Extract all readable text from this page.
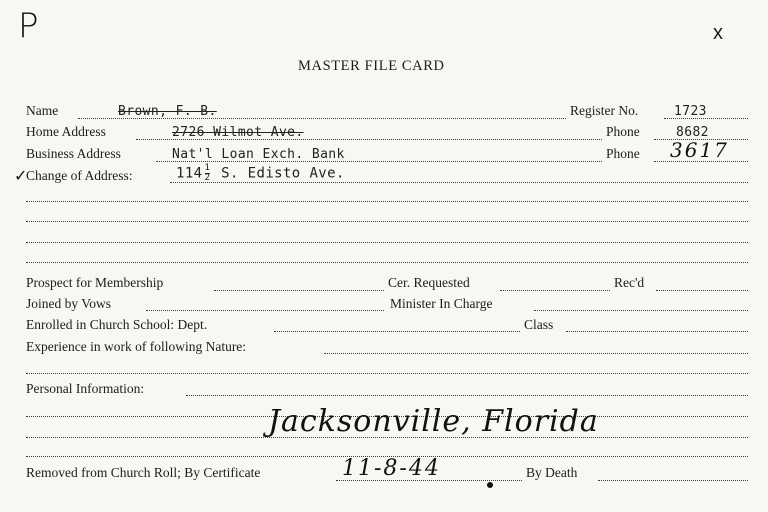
P	x
MASTER FILE CARD
Name	Brown, F. B.	Register No.	1723
Home Address	2726 Wilmot Ave.	Phone	8682
Business Address	Nat'l Loan Exch. Bank	Phone 3617
✓
Change of Address:	$114 \frac{1}{2} S$. Edisto Ave.
Prospect for Membership	Cer. Requested	Rec'd
Joined by Vows	Minister In Charge
Enrolled in Church School: Dept.	Class
Experience in work of following Nature:
Personal Information:
Jacksonville, Florida
Removed from Church Roll; By Certificate	11-8-44	By Death
